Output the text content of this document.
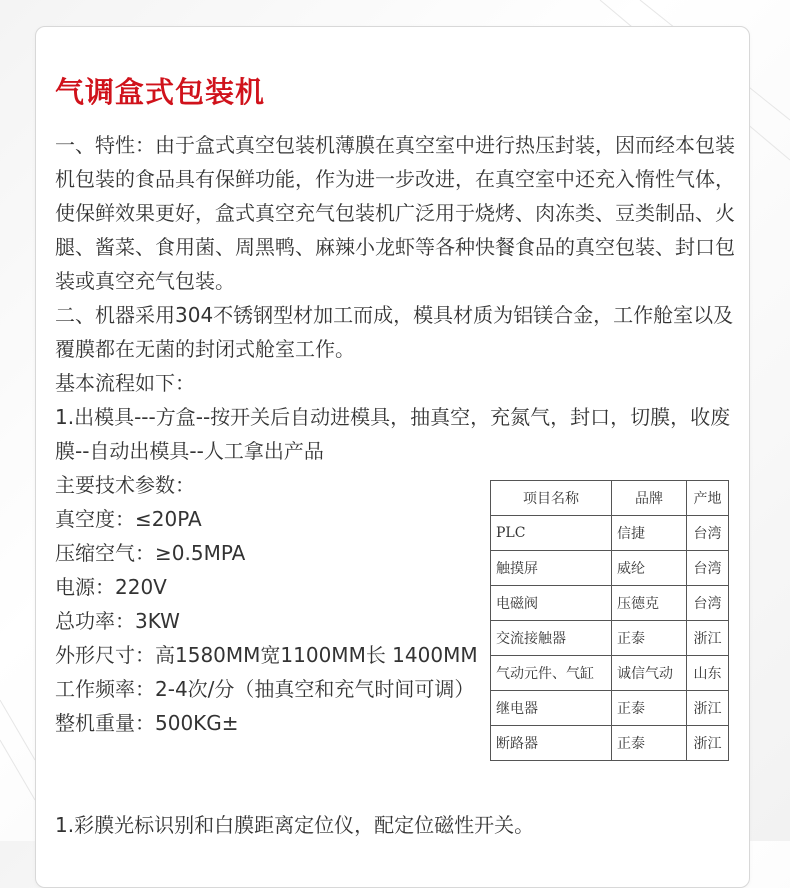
气调盒式包装机

一、特性：由于盒式真空包装机薄膜在真空室中进行热压封装，因而经本包装机包装的食品具有保鲜功能，作为进一步改进，在真空室中还充入惰性气体，使保鲜效果更好，盒式真空充气包装机广泛用于烧烤、肉冻类、豆类制品、火腿、酱菜、食用菌、周黑鸭、麻辣小龙虾等各种快餐食品的真空包装、封口包装或真空充气包装。

二、机器采用304不锈钢型材加工而成，模具材质为铝镁合金，工作舱室以及覆膜都在无菌的封闭式舱室工作。

基本流程如下：

1.出模具---方盒--按开关后自动进模具，抽真空，充氮气，封口，切膜，收废膜--自动出模具--人工拿出产品

主要技术参数：

真空度：≤20PA

压缩空气：≥0.5MPA

电源：220V

总功率：3KW

外形尺寸：高1580MM宽1100MM长 1400MM

工作频率：2-4次/分（抽真空和充气时间可调）

整机重量：500KG±

项目名称	品牌	产地
PLC	信捷	台湾
触摸屏	威纶	台湾
电磁阀	压德克	台湾
交流接触器	正泰	浙江
气动元件、气缸	诚信气动	山东
继电器	正泰	浙江
断路器	正泰	浙江

1.彩膜光标识别和白膜距离定位仪，配定位磁性开关。
